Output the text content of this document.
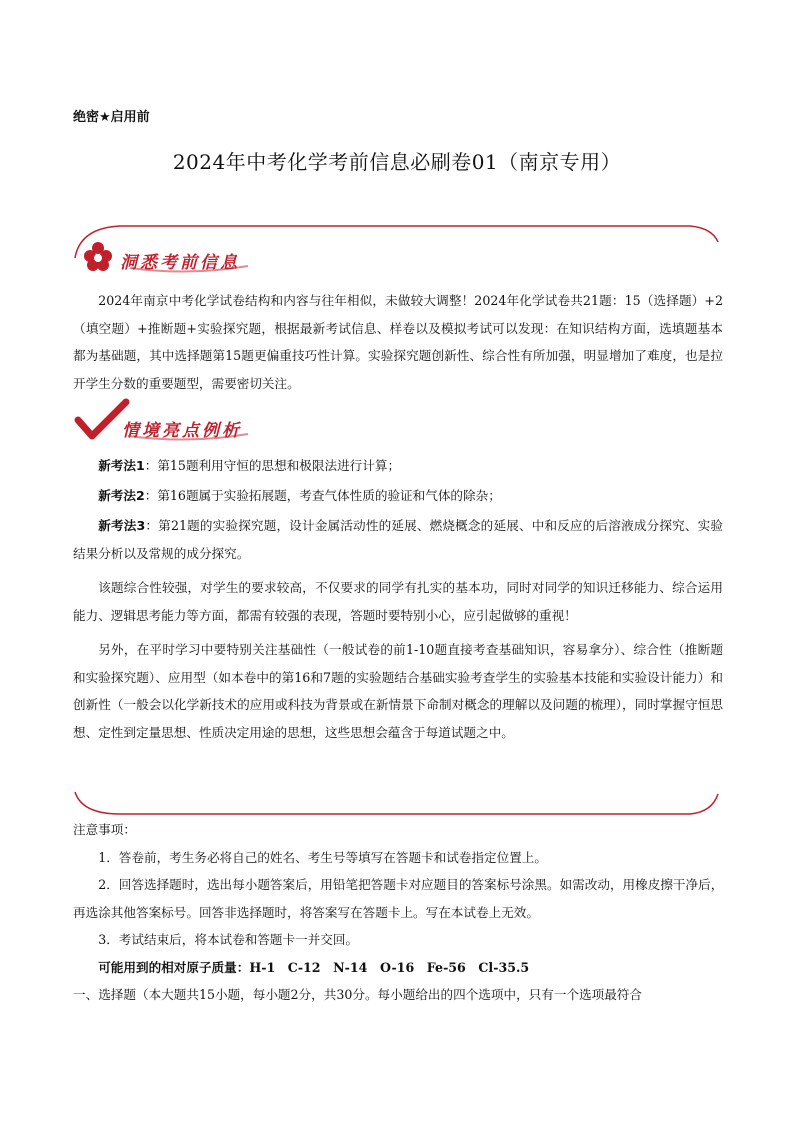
绝密★启用前
2024年中考化学考前信息必刷卷01（南京专用）
洞悉考前信息

2024年南京中考化学试卷结构和内容与往年相似，未做较大调整！2024年化学试卷共21题：15（选择题）+2（填空题）+推断题+实验探究题，根据最新考试信息、样卷以及模拟考试可以发现：在知识结构方面，选填题基本都为基础题，其中选择题第15题更偏重技巧性计算。实验探究题创新性、综合性有所加强，明显增加了难度，也是拉开学生分数的重要题型，需要密切关注。

情境亮点例析

新考法1：第15题利用守恒的思想和极限法进行计算；

新考法2：第16题属于实验拓展题，考查气体性质的验证和气体的除杂；

新考法3：第21题的实验探究题，设计金属活动性的延展、燃烧概念的延展、中和反应的后溶液成分探究、实验结果分析以及常规的成分探究。

该题综合性较强，对学生的要求较高，不仅要求的同学有扎实的基本功，同时对同学的知识迁移能力、综合运用能力、逻辑思考能力等方面，都需有较强的表现，答题时要特别小心，应引起做够的重视！

另外，在平时学习中要特别关注基础性（一般试卷的前1-10题直接考查基础知识，容易拿分）、综合性（推断题和实验探究题）、应用型（如本卷中的第16和7题的实验题结合基础实验考查学生的实验基本技能和实验设计能力）和创新性（一般会以化学新技术的应用或科技为背景或在新情景下命制对概念的理解以及问题的梳理），同时掌握守恒思想、定性到定量思想、性质决定用途的思想，这些思想会蕴含于每道试题之中。

注意事项：

1．答卷前，考生务必将自己的姓名、考生号等填写在答题卡和试卷指定位置上。

2．回答选择题时，选出每小题答案后，用铅笔把答题卡对应题目的答案标号涂黑。如需改动，用橡皮擦干净后，再选涂其他答案标号。回答非选择题时，将答案写在答题卡上。写在本试卷上无效。

3．考试结束后，将本试卷和答题卡一并交回。

可能用到的相对原子质量：H-1　C-12　N-14　O-16　Fe-56　Cl-35.5

一、选择题（本大题共15小题，每小题2分，共30分。每小题给出的四个选项中，只有一个选项最符合
